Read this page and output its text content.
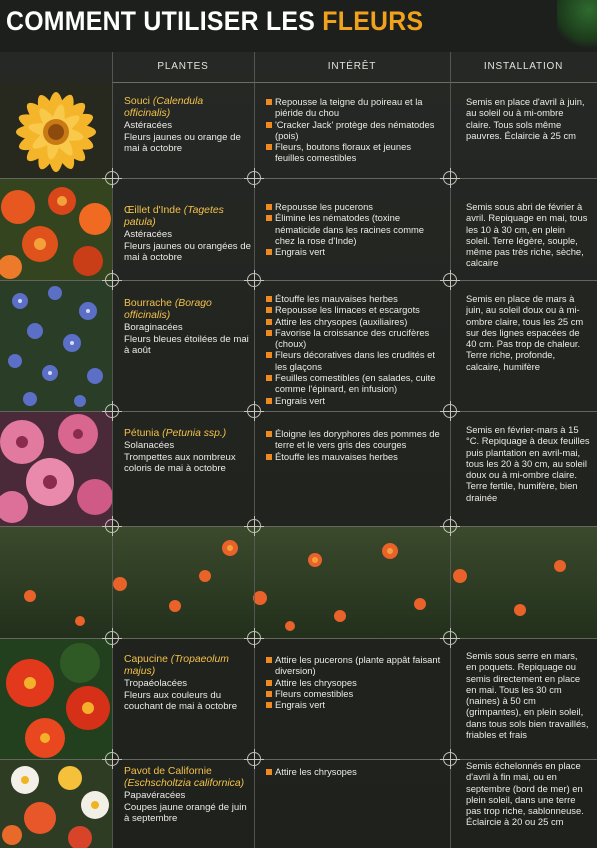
COMMENT UTILISER LES FLEURS
PLANTES	INTÉRÊT	INSTALLATION
Souci (Calendula officinalis)
Astéracées
Fleurs jaunes ou orange de mai à octobre
Repousse la teigne du poireau et la piéride du chou
'Cracker Jack' protège des nématodes (pois)
Fleurs, boutons floraux et jeunes feuilles comestibles
Semis en place d'avril à juin, au soleil ou à mi-ombre claire. Tous sols même pauvres. Éclaircie à 25 cm
Œillet d'Inde (Tagetes patula)
Astéracées
Fleurs jaunes ou orangées de mai à octobre
Repousse les pucerons
Élimine les nématodes (toxine nématicide dans les racines comme chez la rose d'Inde)
Engrais vert
Semis sous abri de février à avril. Repiquage en mai, tous les 10 à 30 cm, en plein soleil. Terre légère, souple, même pas très riche, sèche, calcaire
Bourrache (Borago officinalis)
Boraginacées
Fleurs bleues étoilées de mai à août
Étouffe les mauvaises herbes
Repousse les limaces et escargots
Attire les chrysopes (auxiliaires)
Favorise la croissance des crucifères (choux)
Fleurs décoratives dans les crudités et les glaçons
Feuilles comestibles (en salades, cuite comme l'épinard, en infusion)
Engrais vert
Semis en place de mars à juin, au soleil doux ou à mi-ombre claire, tous les 25 cm sur des lignes espacées de 40 cm. Pas trop de chaleur. Terre riche, profonde, calcaire, humifère
Pétunia (Petunia ssp.)
Solanacées
Trompettes aux nombreux coloris de mai à octobre
Éloigne les doryphores des pommes de terre et le vers gris des courges
Étouffe les mauvaises herbes
Semis en février-mars à 15 °C. Repiquage à deux feuilles puis plantation en avril-mai, tous les 20 à 30 cm, au soleil doux ou à mi-ombre claire. Terre fertile, humifère, bien drainée
Capucine (Tropaeolum majus)
Tropaéolacées
Fleurs aux couleurs du couchant de mai à octobre
Attire les pucerons (plante appât faisant diversion)
Attire les chrysopes
Fleurs comestibles
Engrais vert
Semis sous serre en mars, en poquets. Repiquage ou semis directement en place en mai. Tous les 30 cm (naines) à 50 cm (grimpantes), en plein soleil, dans tous sols bien travaillés, friables et frais
Pavot de Californie (Eschscholtzia californica)
Papavéracées
Coupes jaune orangé de juin à septembre
Attire les chrysopes
Semis échelonnés en place d'avril à fin mai, ou en septembre (bord de mer) en plein soleil, dans une terre pas trop riche, sablonneuse. Éclaircie à 20 ou 25 cm
